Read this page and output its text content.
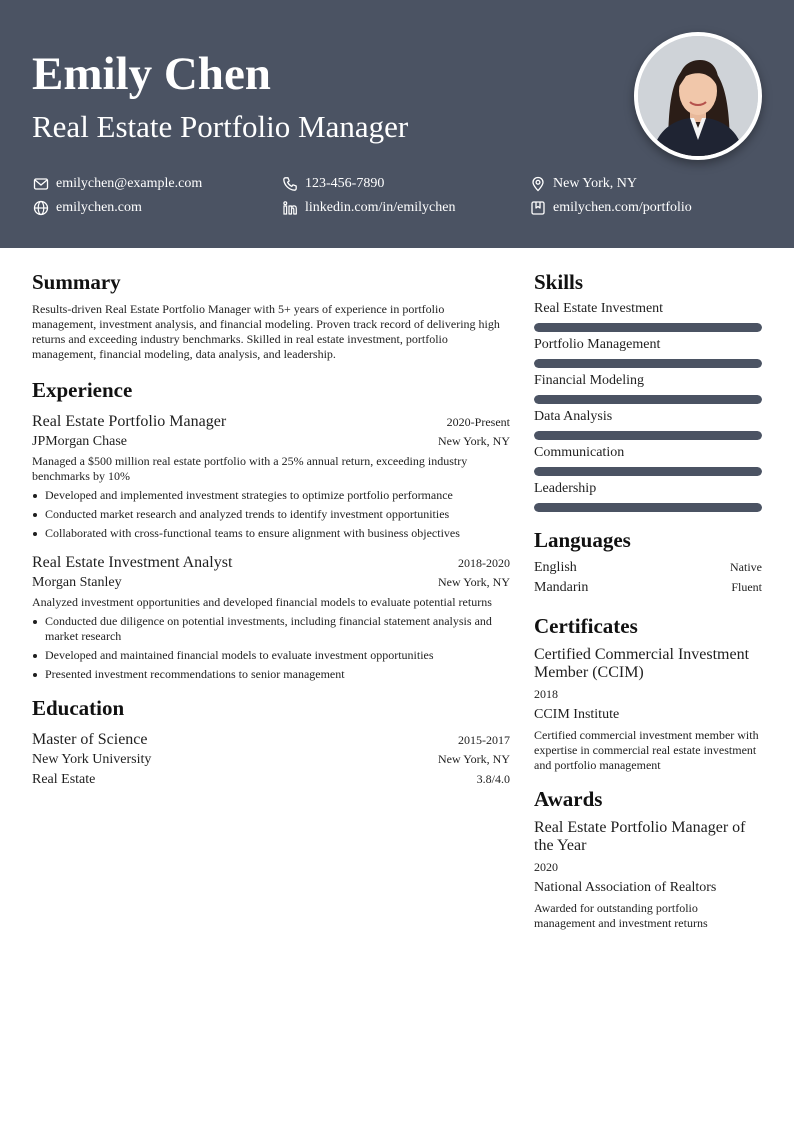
Emily Chen
Real Estate Portfolio Manager
emilychen@example.com	123-456-7890	New York, NY
emilychen.com	linkedin.com/in/emilychen	emilychen.com/portfolio
Summary

Results-driven Real Estate Portfolio Manager with 5+ years of experience in portfolio management, investment analysis, and financial modeling. Proven track record of delivering high returns and exceeding industry benchmarks. Skilled in real estate investment, portfolio management, financial modeling, data analysis, and leadership.

Experience
Real Estate Portfolio Manager	2020-Present
JPMorgan Chase	New York, NY

Managed a $500 million real estate portfolio with a 25% annual return, exceeding industry benchmarks by 10%

Developed and implemented investment strategies to optimize portfolio performance
Conducted market research and analyzed trends to identify investment opportunities
Collaborated with cross-functional teams to ensure alignment with business objectives
Real Estate Investment Analyst	2018-2020
Morgan Stanley	New York, NY

Analyzed investment opportunities and developed financial models to evaluate potential returns

Conducted due diligence on potential investments, including financial statement analysis and market research
Developed and maintained financial models to evaluate investment opportunities
Presented investment recommendations to senior management
Education
Master of Science	2015-2017
New York University	New York, NY
Real Estate	3.8/4.0
Skills
Real Estate Investment
Portfolio Management
Financial Modeling
Data Analysis
Communication
Leadership
Languages
English	Native
Mandarin	Fluent
Certificates
Certified Commercial Investment Member (CCIM)
2018
CCIM Institute
Certified commercial investment member with expertise in commercial real estate investment and portfolio management
Awards
Real Estate Portfolio Manager of the Year
2020
National Association of Realtors
Awarded for outstanding portfolio management and investment returns
